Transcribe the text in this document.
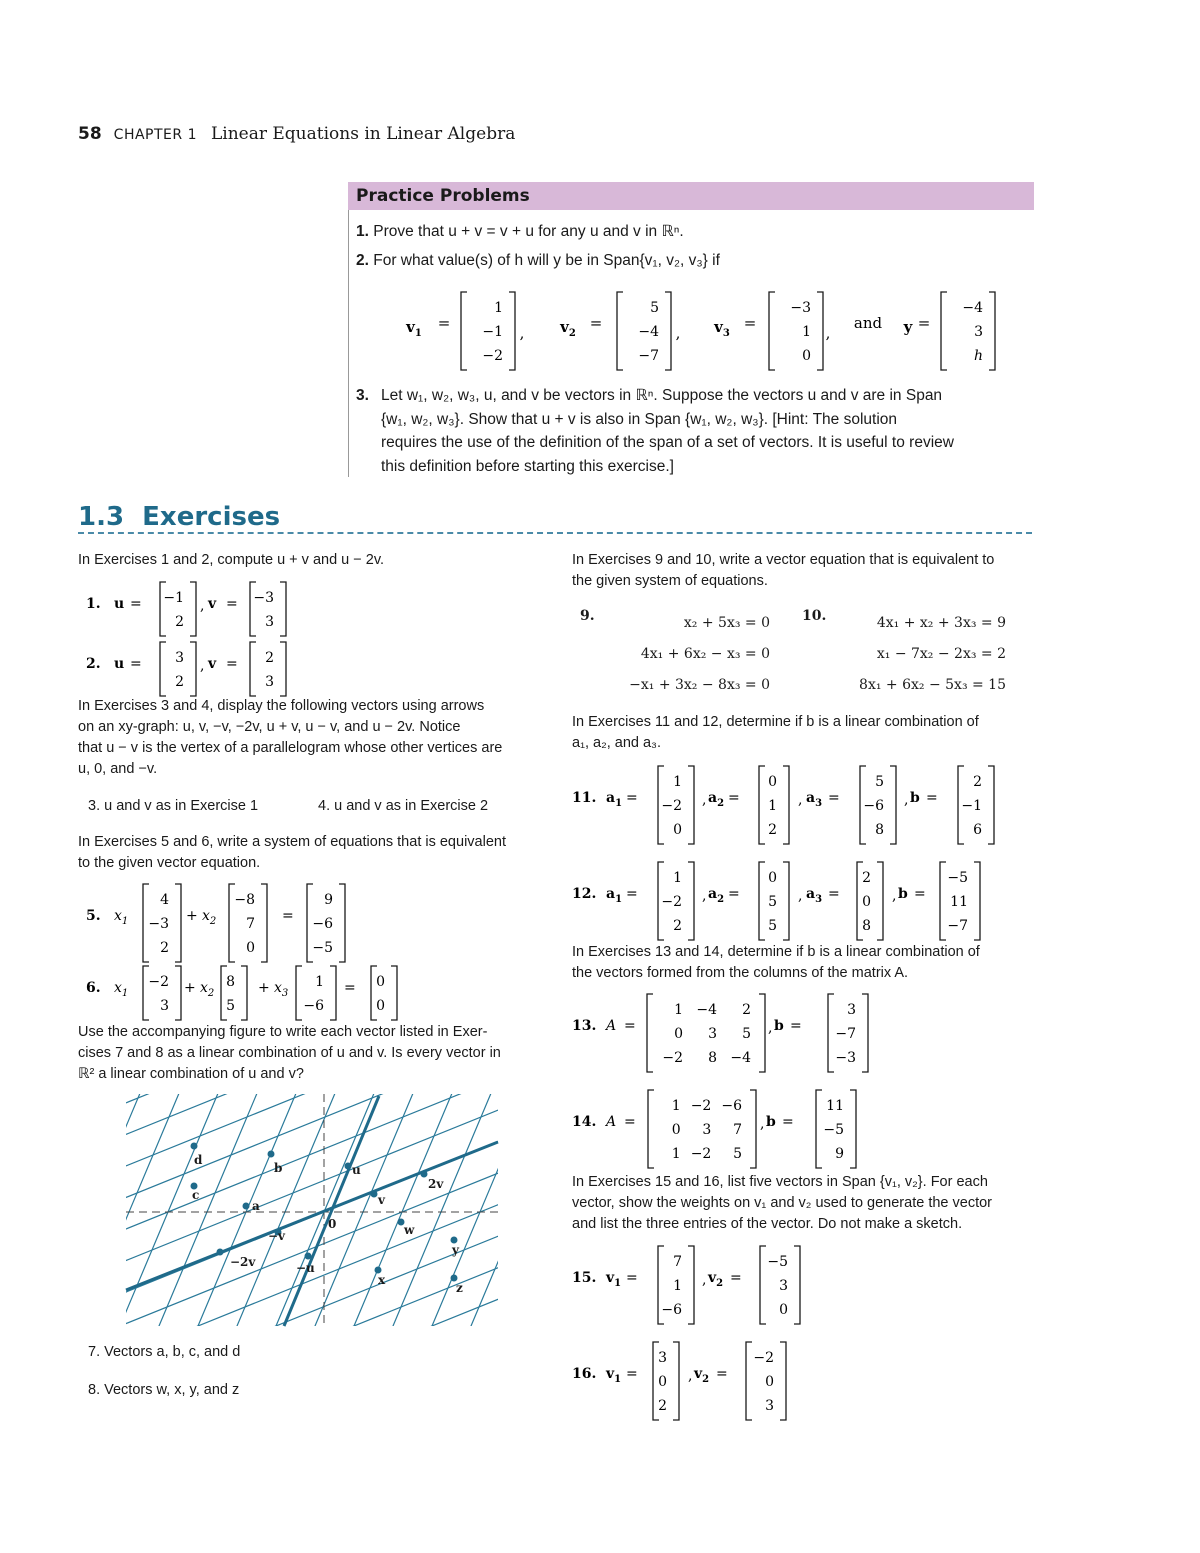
58 CHAPTER 1 Linear Equations in Linear Algebra
Practice Problems
1. Prove that u + v = v + u for any u and v in ℝⁿ.
2. For what value(s) of h will y be in Span{v₁, v₂, v₃} if
$v_1$
=
1
−1
−2
, $v_2$
=
5
−4
−7
, $v_3$
=
−3
1
0
,
and y =
−4
3
h
3. Let w₁, w₂, w₃, u, and v be vectors in ℝⁿ. Suppose the vectors u and v are in Span
{w₁, w₂, w₃}. Show that u + v is also in Span {w₁, w₂, w₃}. [Hint: The solution
requires the use of the definition of the span of a set of vectors. It is useful to review
this definition before starting this exercise.]
1.3 Exercises
In Exercises 1 and 2, compute u + v and u − 2v.
1. u = −1
2
, v = −3
3
2. u = 3
2
, v = 2
3
In Exercises 3 and 4, display the following vectors using arrows
on an xy-graph: u, v, −v, −2v, u + v, u − v, and u − 2v. Notice
that u − v is the vertex of a parallelogram whose other vertices are
u, 0, and −v.
3. u and v as in Exercise 1	4. u and v as in Exercise 2
In Exercises 5 and 6, write a system of equations that is equivalent
to the given vector equation.
5. $x_1$
4
−3
2
+ $x_2$
−8
7
0
=
9
−6
−5
6. $x_1$
−2
3
+ $x_2$
8
5
+ $x_3$
1
−6
= 0
0
Use the accompanying figure to write each vector listed in Exer-
cises 7 and 8 as a linear combination of u and v. Is every vector in
ℝ² a linear combination of u and v?
d
b	u
c
a	v
2v
0	w
−v
y
−2v	−u
x
z
7. Vectors a, b, c, and d
8. Vectors w, x, y, and z
In Exercises 9 and 10, write a vector equation that is equivalent to
the given system of equations.
9.	x₂ + 5x₃ = 0
4x₁ + 6x₂ − x₃ = 0
−x₁ + 3x₂ − 8x₃ = 0
10.	4x₁ + x₂ + 3x₃ = 9
x₁ − 7x₂ − 2x₃ = 2
8x₁ + 6x₂ − 5x₃ = 15
In Exercises 11 and 12, determine if b is a linear combination of
a₁, a₂, and a₃.
11. $a_1$ =
1
−2
0
, $a_2$ =
0
1
2
, $a_3$ =
5
−6
8
, b =
2
−1
6
12. $a_1$ =
1
−2
2
, $a_2$ =
0
5
5
, $a_3$ =
2
0
8
, b =
−5
11
−7
In Exercises 13 and 14, determine if b is a linear combination of
the vectors formed from the columns of the matrix A.
13. A =
1 −4 2
0 3 5
−2 8 −4
, b =
3
−7
−3
14. A =
1 −2 −6
0 3 7
1 −2 5
, b =
11
−5
9
In Exercises 15 and 16, list five vectors in Span {v₁, v₂}. For each
vector, show the weights on v₁ and v₂ used to generate the vector
and list the three entries of the vector. Do not make a sketch.
15. $v_1$ =
7
1
−6
, $v_2$ =
−5
3
0
16. $v_1$ =
3
0
2
, $v_2$ =
−2
0
3
